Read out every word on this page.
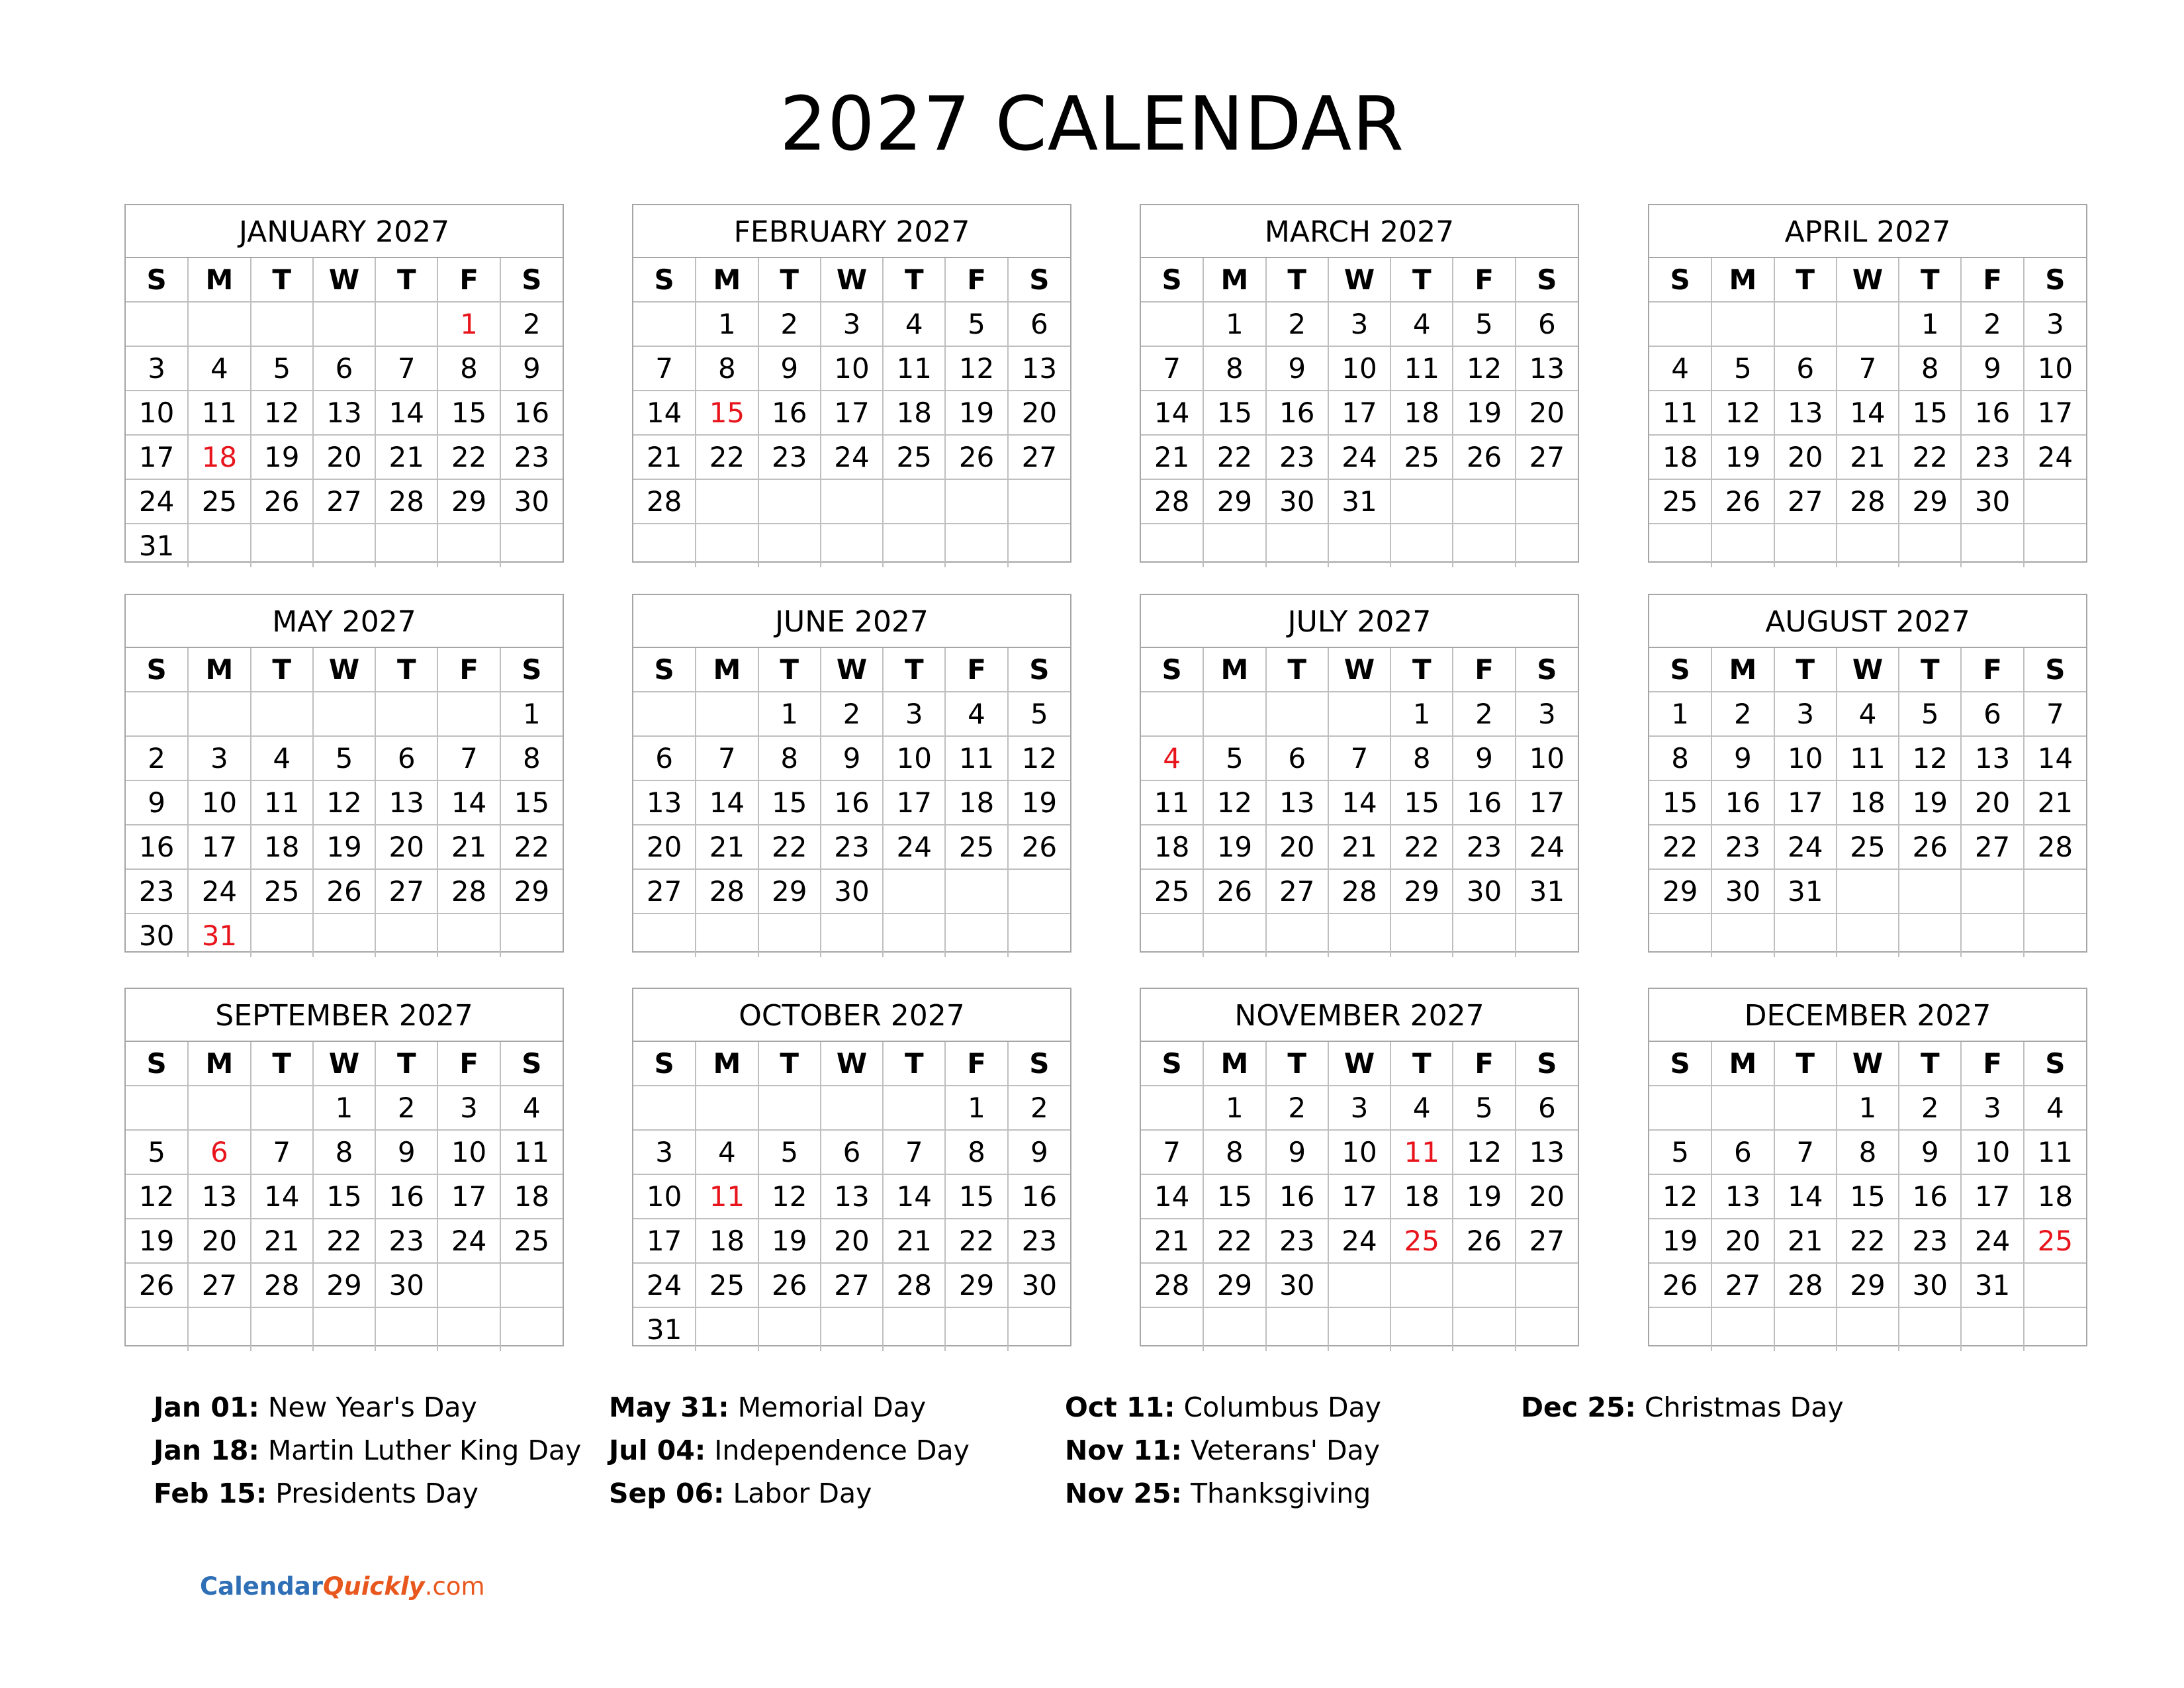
2027 CALENDAR
JANUARY 2027
S	M	T	W	T	F	S
					1	2
3	4	5	6	7	8	9
10	11	12	13	14	15	16
17	18	19	20	21	22	23
24	25	26	27	28	29	30
31						
FEBRUARY 2027
S	M	T	W	T	F	S
	1	2	3	4	5	6
7	8	9	10	11	12	13
14	15	16	17	18	19	20
21	22	23	24	25	26	27
28						

MARCH 2027
S	M	T	W	T	F	S
	1	2	3	4	5	6
7	8	9	10	11	12	13
14	15	16	17	18	19	20
21	22	23	24	25	26	27
28	29	30	31			

APRIL 2027
S	M	T	W	T	F	S
				1	2	3
4	5	6	7	8	9	10
11	12	13	14	15	16	17
18	19	20	21	22	23	24
25	26	27	28	29	30	

MAY 2027
S	M	T	W	T	F	S
						1
2	3	4	5	6	7	8
9	10	11	12	13	14	15
16	17	18	19	20	21	22
23	24	25	26	27	28	29
30	31					
JUNE 2027
S	M	T	W	T	F	S
		1	2	3	4	5
6	7	8	9	10	11	12
13	14	15	16	17	18	19
20	21	22	23	24	25	26
27	28	29	30			

JULY 2027
S	M	T	W	T	F	S
				1	2	3
4	5	6	7	8	9	10
11	12	13	14	15	16	17
18	19	20	21	22	23	24
25	26	27	28	29	30	31

AUGUST 2027
S	M	T	W	T	F	S
1	2	3	4	5	6	7
8	9	10	11	12	13	14
15	16	17	18	19	20	21
22	23	24	25	26	27	28
29	30	31				

SEPTEMBER 2027
S	M	T	W	T	F	S
			1	2	3	4
5	6	7	8	9	10	11
12	13	14	15	16	17	18
19	20	21	22	23	24	25
26	27	28	29	30		

OCTOBER 2027
S	M	T	W	T	F	S
					1	2
3	4	5	6	7	8	9
10	11	12	13	14	15	16
17	18	19	20	21	22	23
24	25	26	27	28	29	30
31						
NOVEMBER 2027
S	M	T	W	T	F	S
	1	2	3	4	5	6
7	8	9	10	11	12	13
14	15	16	17	18	19	20
21	22	23	24	25	26	27
28	29	30				

DECEMBER 2027
S	M	T	W	T	F	S
			1	2	3	4
5	6	7	8	9	10	11
12	13	14	15	16	17	18
19	20	21	22	23	24	25
26	27	28	29	30	31	

Jan 01: New Year's Day
Jan 18: Martin Luther King Day
Feb 15: Presidents Day
May 31: Memorial Day
Jul 04: Independence Day
Sep 06: Labor Day
Oct 11: Columbus Day
Nov 11: Veterans' Day
Nov 25: Thanksgiving
Dec 25: Christmas Day
CalendarQuickly.com
